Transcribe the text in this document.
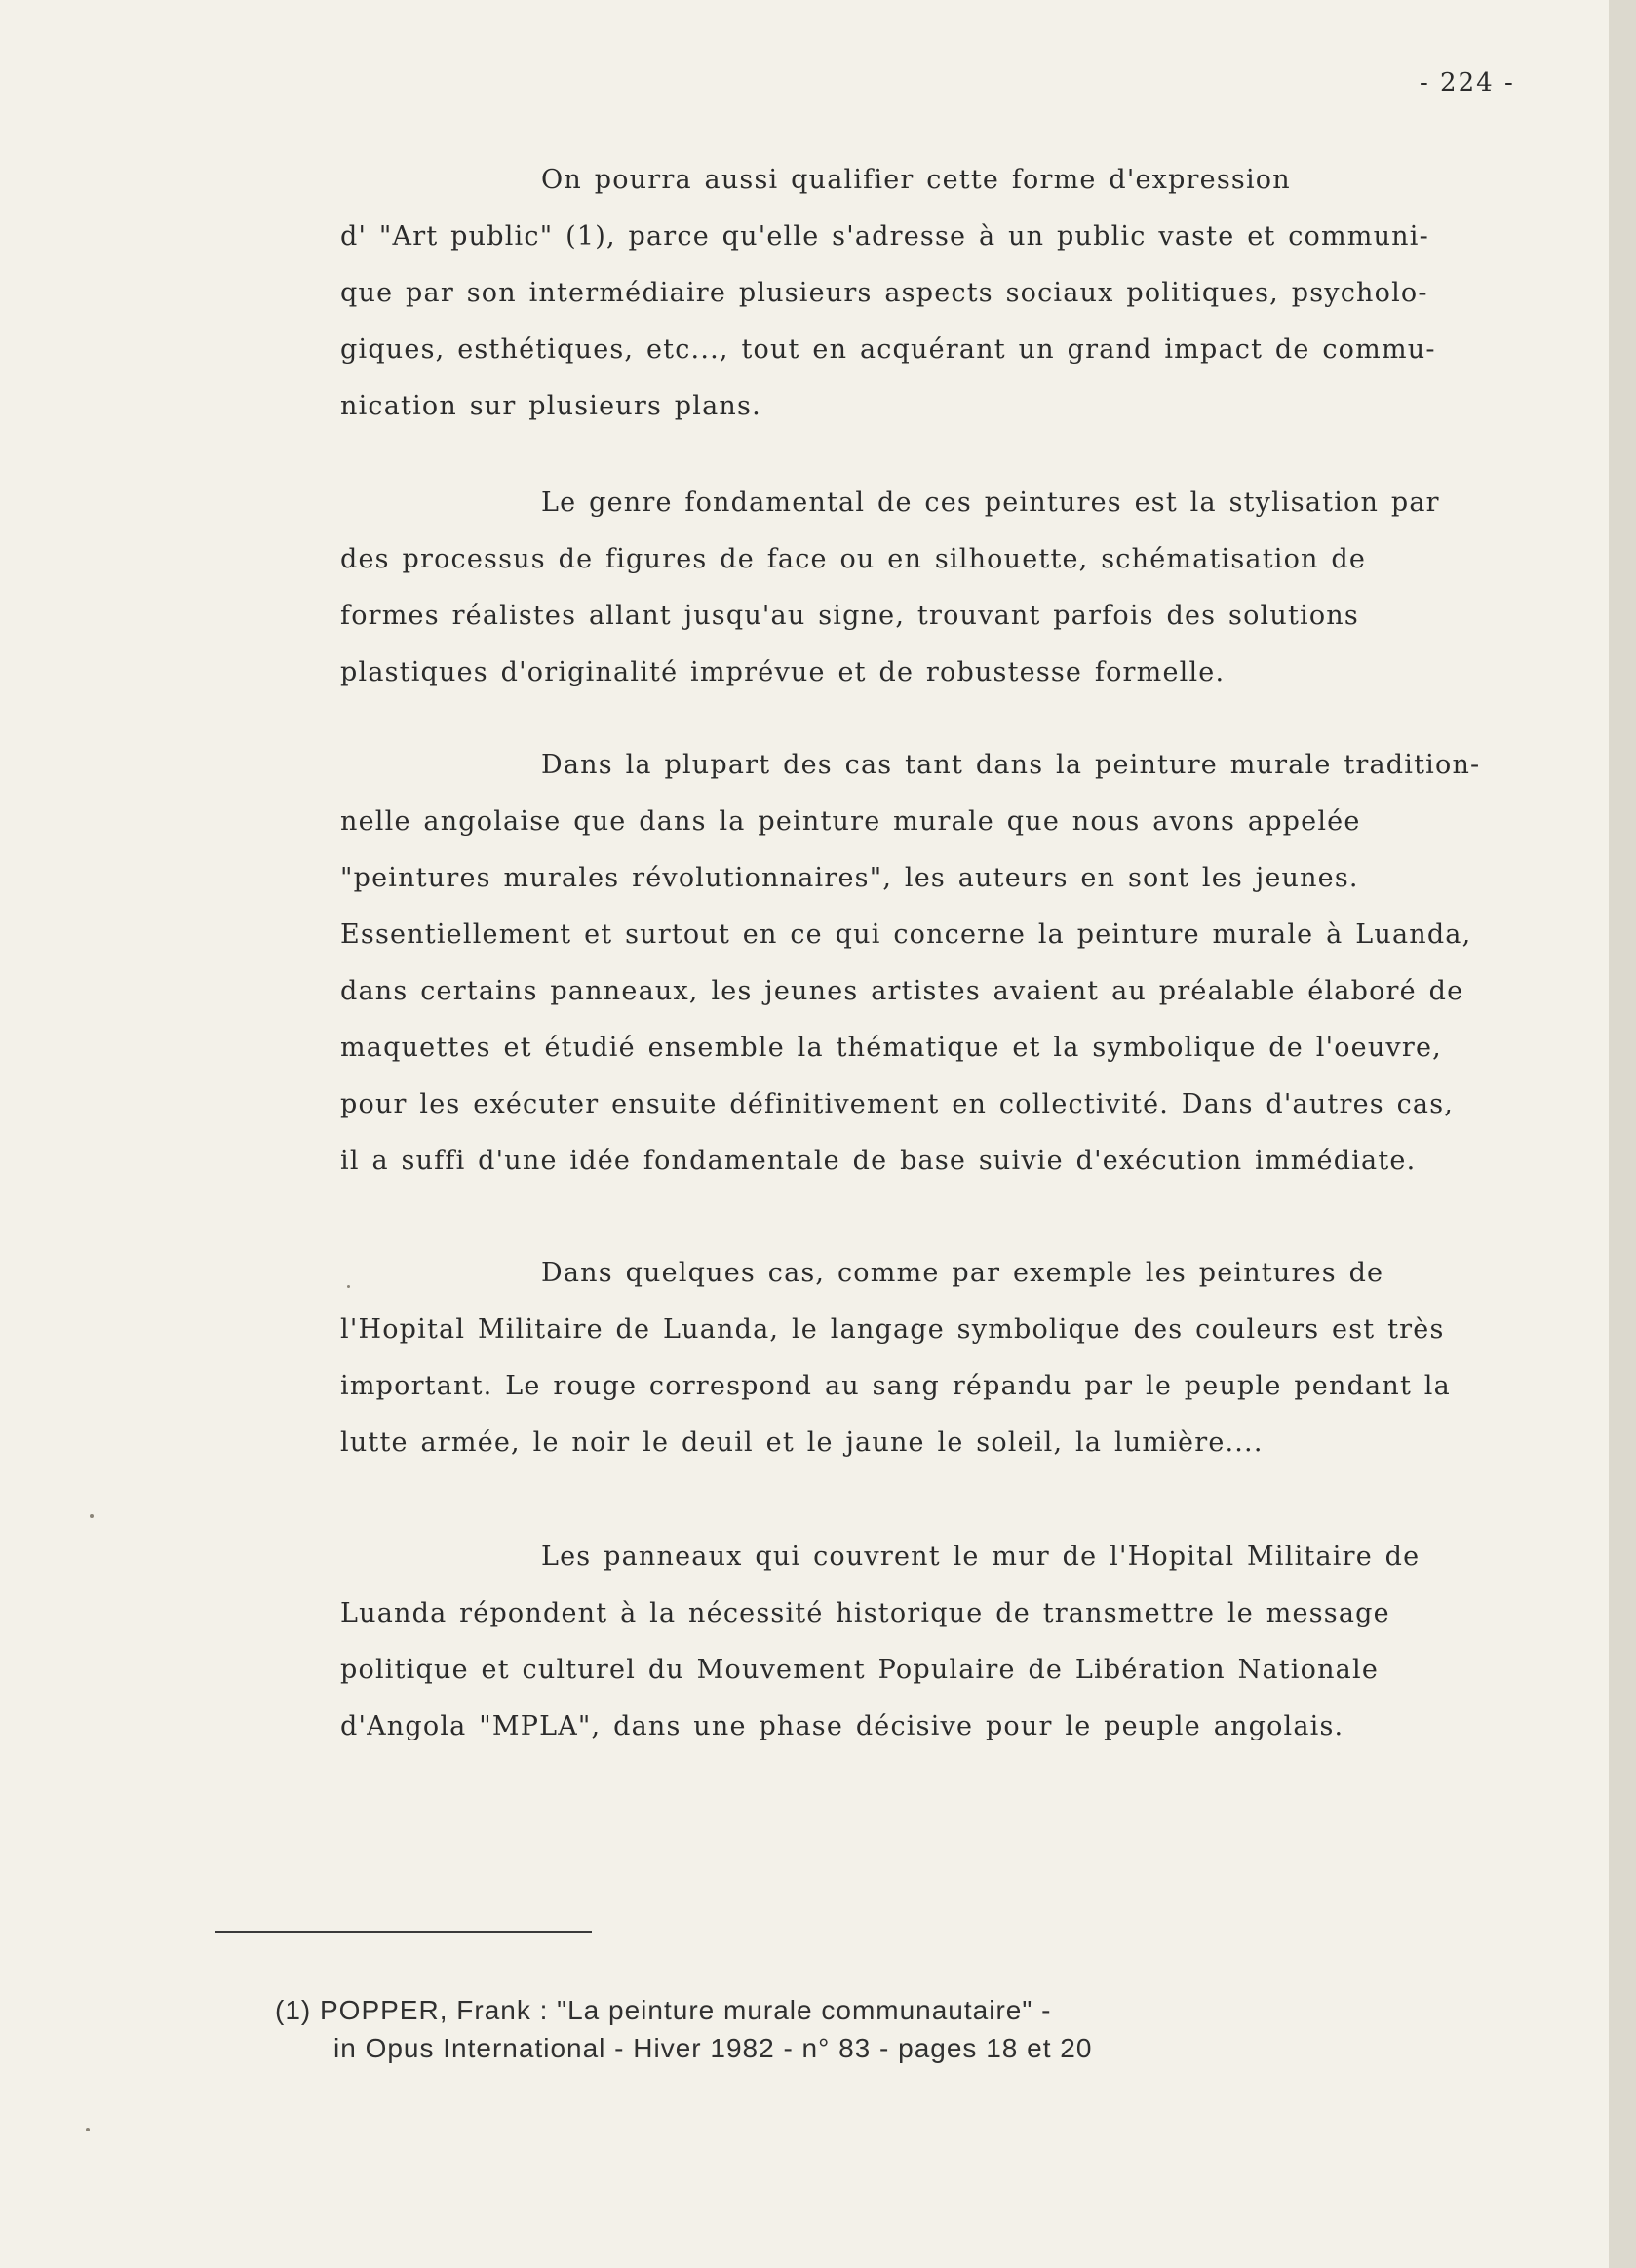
- 224 -
On pourra aussi qualifier cette forme d'expression
d' "Art public" (1), parce qu'elle s'adresse à un public vaste et communi-
que par son intermédiaire plusieurs aspects sociaux politiques, psycholo-
giques, esthétiques, etc..., tout en acquérant un grand impact de commu-
nication sur plusieurs plans.
Le genre fondamental de ces peintures est la stylisation par
des processus de figures de face ou en silhouette, schématisation de
formes réalistes allant jusqu'au signe, trouvant parfois des solutions
plastiques d'originalité imprévue et de robustesse formelle.
Dans la plupart des cas tant dans la peinture murale tradition-
nelle angolaise que dans la peinture murale que nous avons appelée
"peintures murales révolutionnaires", les auteurs en sont les jeunes.
Essentiellement et surtout en ce qui concerne la peinture murale à Luanda,
dans certains panneaux, les jeunes artistes avaient au préalable élaboré de
maquettes et étudié ensemble la thématique et la symbolique de l'oeuvre,
pour les exécuter ensuite définitivement en collectivité. Dans d'autres cas,
il a suffi d'une idée fondamentale de base suivie d'exécution immédiate.
Dans quelques cas, comme par exemple les peintures de
l'Hopital Militaire de Luanda, le langage symbolique des couleurs est très
important. Le rouge correspond au sang répandu par le peuple pendant la
lutte armée, le noir le deuil et le jaune le soleil, la lumière....
Les panneaux qui couvrent le mur de l'Hopital Militaire de
Luanda répondent à la nécessité historique de transmettre le message
politique et culturel du Mouvement Populaire de Libération Nationale
d'Angola "MPLA", dans une phase décisive pour le peuple angolais.
(1) POPPER, Frank : "La peinture murale communautaire" -
in Opus International - Hiver 1982 - n° 83 - pages 18 et 20
